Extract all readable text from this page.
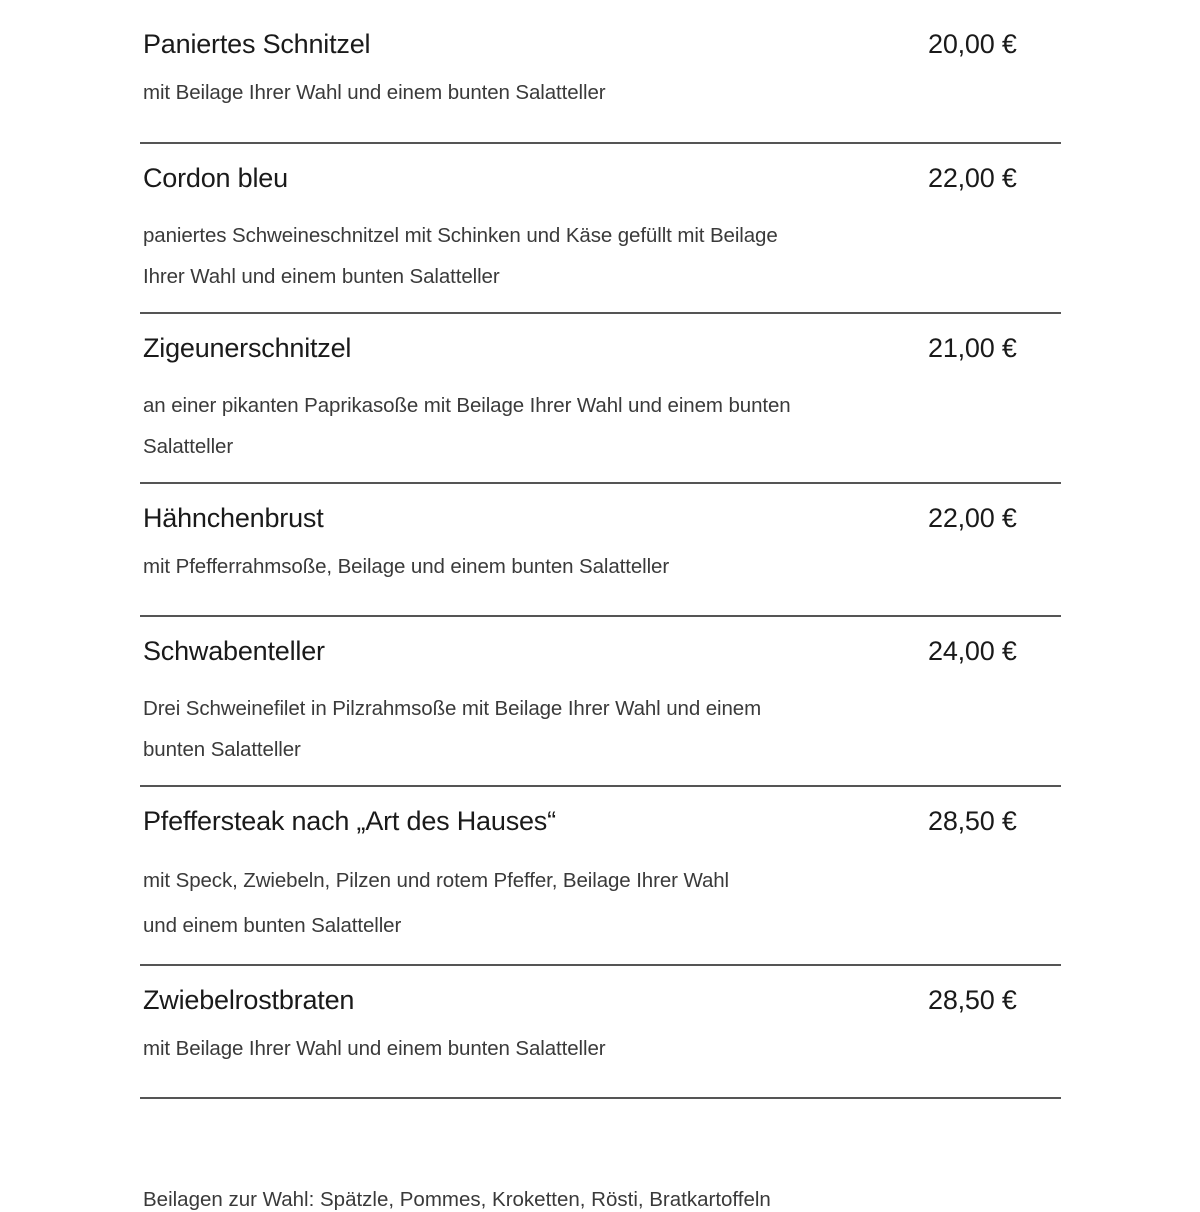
Paniertes Schnitzel	20,00 €
mit Beilage Ihrer Wahl und einem bunten Salatteller
Cordon bleu	22,00 €
paniertes Schweineschnitzel mit Schinken und Käse gefüllt mit Beilage
Ihrer Wahl und einem bunten Salatteller
Zigeunerschnitzel	21,00 €
an einer pikanten Paprikasoße mit Beilage Ihrer Wahl und einem bunten
Salatteller
Hähnchenbrust	22,00 €
mit Pfefferrahmsoße, Beilage und einem bunten Salatteller
Schwabenteller	24,00 €
Drei Schweinefilet in Pilzrahmsoße mit Beilage Ihrer Wahl und einem
bunten Salatteller
Pfeffersteak nach „Art des Hauses“	28,50 €
mit Speck, Zwiebeln, Pilzen und rotem Pfeffer, Beilage Ihrer Wahl
und einem bunten Salatteller
Zwiebelrostbraten	28,50 €
mit Beilage Ihrer Wahl und einem bunten Salatteller
Beilagen zur Wahl: Spätzle, Pommes, Kroketten, Rösti, Bratkartoffeln
